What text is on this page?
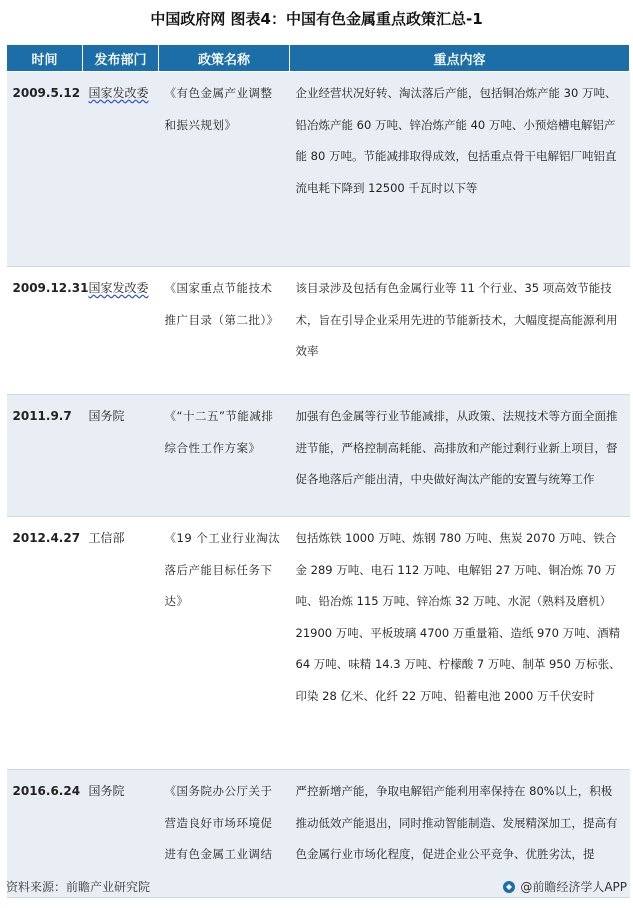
中国政府网 图表4：中国有色金属重点政策汇总-1
时间	发布部门	政策名称	重点内容
2009.5.12	国家发改委	《有色金属产业调整和振兴规划》	企业经营状况好转、淘汰落后产能，包括铜冶炼产能 30 万吨、铅冶炼产能 60 万吨、锌冶炼产能 40 万吨、小预焙槽电解铝产能 80 万吨。节能减排取得成效，包括重点骨干电解铝厂吨铝直流电耗下降到 12500 千瓦时以下等
2009.12.31	国家发改委	《国家重点节能技术推广目录（第二批）》	该目录涉及包括有色金属行业等 11 个行业、35 项高效节能技术，旨在引导企业采用先进的节能新技术，大幅度提高能源利用效率
2011.9.7	国务院	《“十二五”节能减排综合性工作方案》	加强有色金属等行业节能减排，从政策、法规技术等方面全面推进节能，严格控制高耗能、高排放和产能过剩行业新上项目，督促各地落后产能出清，中央做好淘汰产能的安置与统筹工作
2012.4.27	工信部	《19 个工业行业淘汰落后产能目标任务下达》	包括炼铁 1000 万吨、炼钢 780 万吨、焦炭 2070 万吨、铁合金 289 万吨、电石 112 万吨、电解铝 27 万吨、铜冶炼 70 万吨、铅冶炼 115 万吨、锌冶炼 32 万吨、水泥（熟料及磨机）21900 万吨、平板玻璃 4700 万重量箱、造纸 970 万吨、酒精 64 万吨、味精 14.3 万吨、柠檬酸 7 万吨、制革 950 万标张、印染 28 亿米、化纤 22 万吨、铅蓄电池 2000 万千伏安时
2016.6.24	国务院	《国务院办公厅关于营造良好市场环境促进有色金属工业调结	严控新增产能，争取电解铝产能利用率保持在 80%以上，积极推动低效产能退出，同时推动智能制造、发展精深加工，提高有色金属行业市场化程度，促进企业公平竞争、优胜劣汰，提
资料来源：前瞻产业研究院	@前瞻经济学人APP
